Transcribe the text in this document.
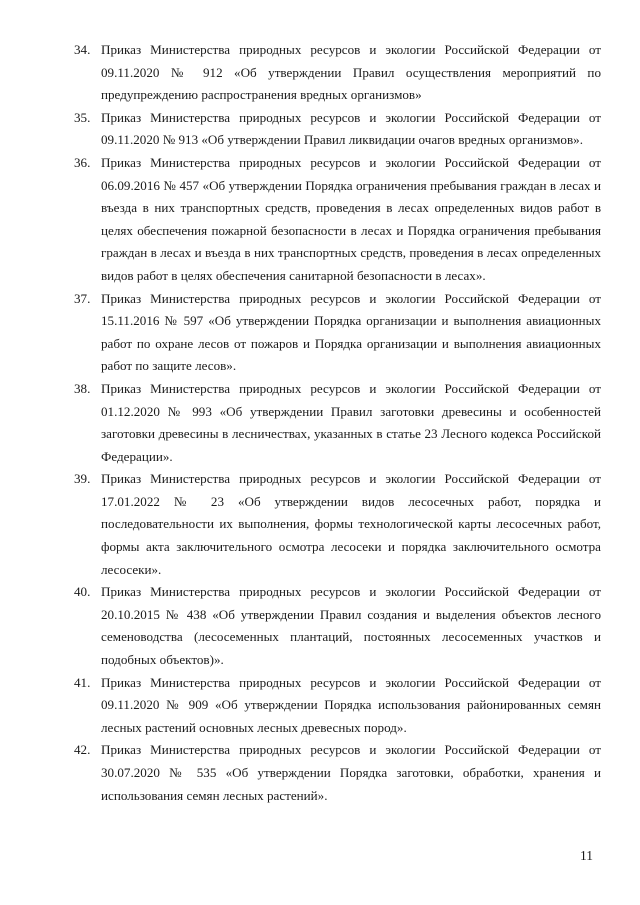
34. Приказ Министерства природных ресурсов и экологии Российской Федерации от 09.11.2020 № 912 «Об утверждении Правил осуществления мероприятий по предупреждению распространения вредных организмов»
35. Приказ Министерства природных ресурсов и экологии Российской Федерации от 09.11.2020 № 913 «Об утверждении Правил ликвидации очагов вредных организмов».
36. Приказ Министерства природных ресурсов и экологии Российской Федерации от 06.09.2016 № 457 «Об утверждении Порядка ограничения пребывания граждан в лесах и въезда в них транспортных средств, проведения в лесах определенных видов работ в целях обеспечения пожарной безопасности в лесах и Порядка ограничения пребывания граждан в лесах и въезда в них транспортных средств, проведения в лесах определенных видов работ в целях обеспечения санитарной безопасности в лесах».
37. Приказ Министерства природных ресурсов и экологии Российской Федерации от 15.11.2016 № 597 «Об утверждении Порядка организации и выполнения авиационных работ по охране лесов от пожаров и Порядка организации и выполнения авиационных работ по защите лесов».
38. Приказ Министерства природных ресурсов и экологии Российской Федерации от 01.12.2020 № 993 «Об утверждении Правил заготовки древесины и особенностей заготовки древесины в лесничествах, указанных в статье 23 Лесного кодекса Российской Федерации».
39. Приказ Министерства природных ресурсов и экологии Российской Федерации от 17.01.2022 № 23 «Об утверждении видов лесосечных работ, порядка и последовательности их выполнения, формы технологической карты лесосечных работ, формы акта заключительного осмотра лесосеки и порядка заключительного осмотра лесосеки».
40. Приказ Министерства природных ресурсов и экологии Российской Федерации от 20.10.2015 № 438 «Об утверждении Правил создания и выделения объектов лесного семеноводства (лесосеменных плантаций, постоянных лесосеменных участков и подобных объектов)».
41. Приказ Министерства природных ресурсов и экологии Российской Федерации от 09.11.2020 № 909 «Об утверждении Порядка использования районированных семян лесных растений основных лесных древесных пород».
42. Приказ Министерства природных ресурсов и экологии Российской Федерации от 30.07.2020 № 535 «Об утверждении Порядка заготовки, обработки, хранения и использования семян лесных растений».
11
